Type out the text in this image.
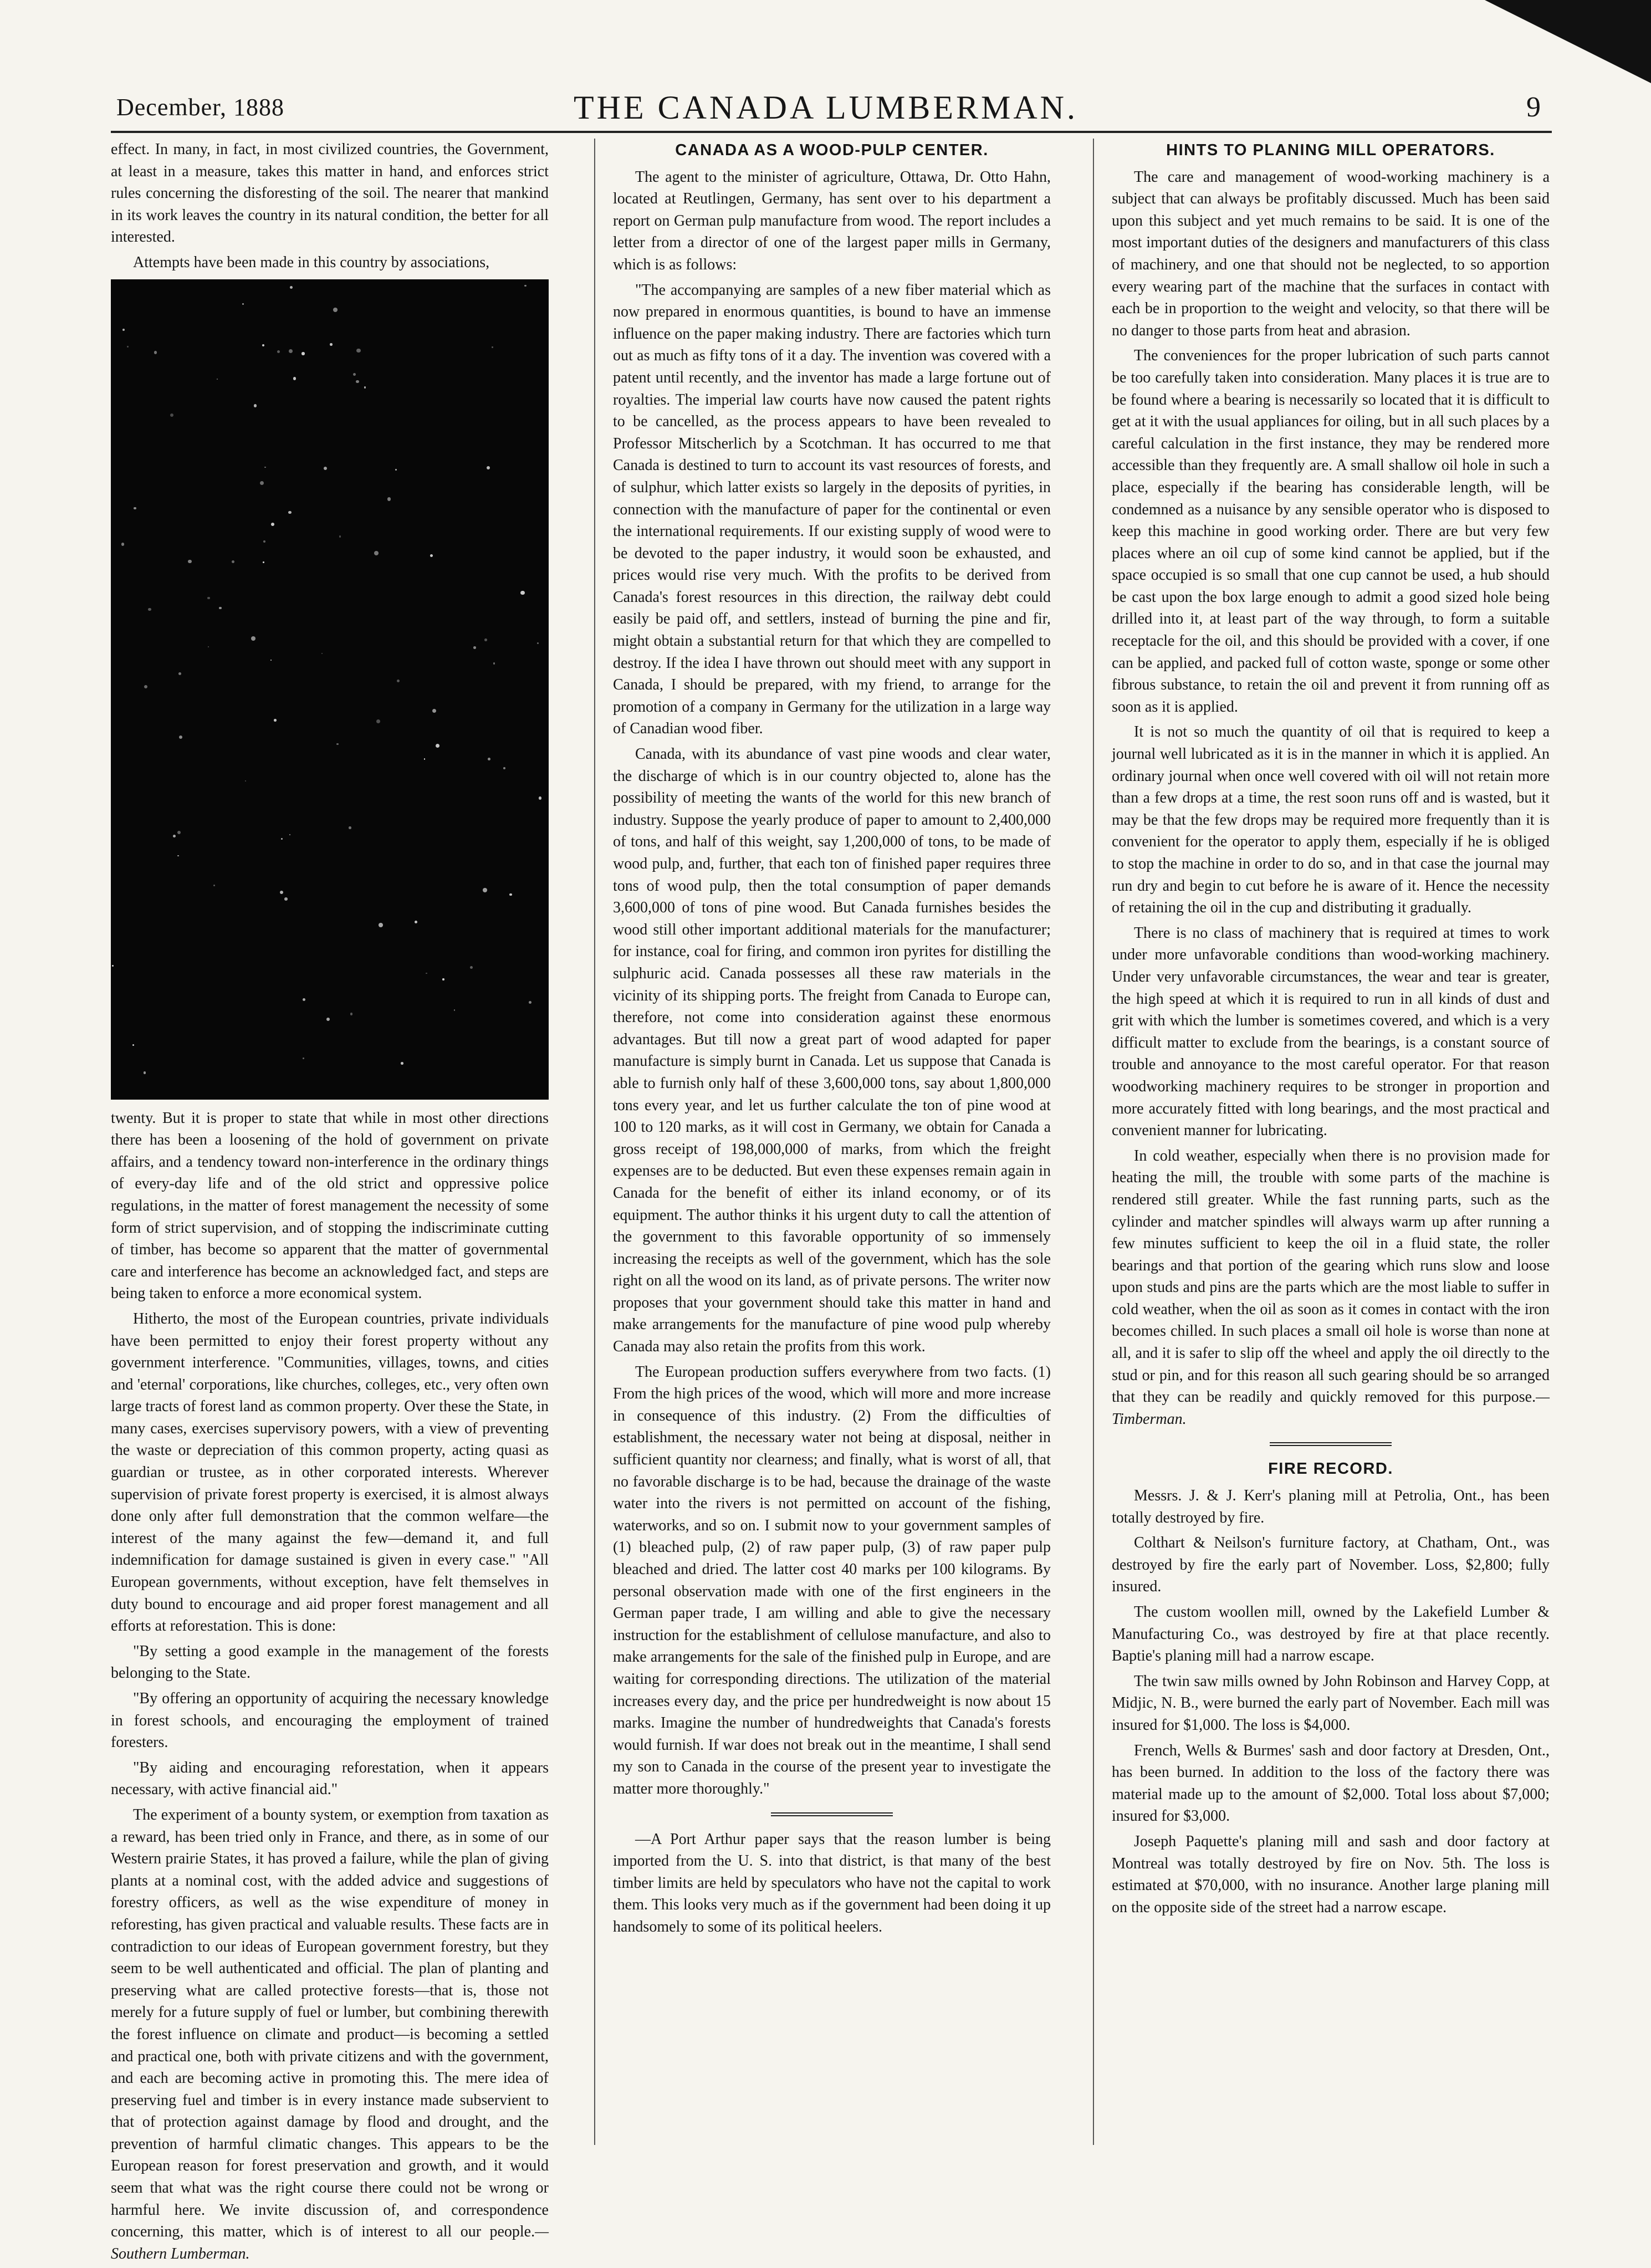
December, 1888	THE CANADA LUMBERMAN.	9

effect. In many, in fact, in most civilized countries, the Government, at least in a measure, takes this matter in hand, and enforces strict rules concerning the disforesting of the soil. The nearer that mankind in its work leaves the country in its natural condition, the better for all interested.

Attempts have been made in this country by associations,

twenty. But it is proper to state that while in most other directions there has been a loosening of the hold of government on private affairs, and a tendency toward non-interference in the ordinary things of every-day life and of the old strict and oppressive police regulations, in the matter of forest management the necessity of some form of strict supervision, and of stopping the indiscriminate cutting of timber, has become so apparent that the matter of governmental care and interference has become an acknowledged fact, and steps are being taken to enforce a more economical system.

Hitherto, the most of the European countries, private individuals have been permitted to enjoy their forest property without any government interference. "Communities, villages, towns, and cities and 'eternal' corporations, like churches, colleges, etc., very often own large tracts of forest land as common property. Over these the State, in many cases, exercises supervisory powers, with a view of preventing the waste or depreciation of this common property, acting quasi as guardian or trustee, as in other corporated interests. Wherever supervision of private forest property is exercised, it is almost always done only after full demonstration that the common welfare—the interest of the many against the few—demand it, and full indemnification for damage sustained is given in every case." "All European governments, without exception, have felt themselves in duty bound to encourage and aid proper forest management and all efforts at reforestation. This is done:

"By setting a good example in the management of the forests belonging to the State.

"By offering an opportunity of acquiring the necessary knowledge in forest schools, and encouraging the employment of trained foresters.

"By aiding and encouraging reforestation, when it appears necessary, with active financial aid."

The experiment of a bounty system, or exemption from taxation as a reward, has been tried only in France, and there, as in some of our Western prairie States, it has proved a failure, while the plan of giving plants at a nominal cost, with the added advice and suggestions of forestry officers, as well as the wise expenditure of money in reforesting, has given practical and valuable results. These facts are in contradiction to our ideas of European government forestry, but they seem to be well authenticated and official. The plan of planting and preserving what are called protective forests—that is, those not merely for a future supply of fuel or lumber, but combining therewith the forest influence on climate and product—is becoming a settled and practical one, both with private citizens and with the government, and each are becoming active in promoting this. The mere idea of preserving fuel and timber is in every instance made subservient to that of protection against damage by flood and drought, and the prevention of harmful climatic changes. This appears to be the European reason for forest preservation and growth, and it would seem that what was the right course there could not be wrong or harmful here. We invite discussion of, and correspondence concerning, this matter, which is of interest to all our people.—Southern Lumberman.

CANADA AS A WOOD-PULP CENTER.

The agent to the minister of agriculture, Ottawa, Dr. Otto Hahn, located at Reutlingen, Germany, has sent over to his department a report on German pulp manufacture from wood. The report includes a letter from a director of one of the largest paper mills in Germany, which is as follows:

"The accompanying are samples of a new fiber material which as now prepared in enormous quantities, is bound to have an immense influence on the paper making industry. There are factories which turn out as much as fifty tons of it a day. The invention was covered with a patent until recently, and the inventor has made a large fortune out of royalties. The imperial law courts have now caused the patent rights to be cancelled, as the process appears to have been revealed to Professor Mitscherlich by a Scotchman. It has occurred to me that Canada is destined to turn to account its vast resources of forests, and of sulphur, which latter exists so largely in the deposits of pyrities, in connection with the manufacture of paper for the continental or even the international requirements. If our existing supply of wood were to be devoted to the paper industry, it would soon be exhausted, and prices would rise very much. With the profits to be derived from Canada's forest resources in this direction, the railway debt could easily be paid off, and settlers, instead of burning the pine and fir, might obtain a substantial return for that which they are compelled to destroy. If the idea I have thrown out should meet with any support in Canada, I should be prepared, with my friend, to arrange for the promotion of a company in Germany for the utilization in a large way of Canadian wood fiber.

Canada, with its abundance of vast pine woods and clear water, the discharge of which is in our country objected to, alone has the possibility of meeting the wants of the world for this new branch of industry. Suppose the yearly produce of paper to amount to 2,400,000 of tons, and half of this weight, say 1,200,000 of tons, to be made of wood pulp, and, further, that each ton of finished paper requires three tons of wood pulp, then the total consumption of paper demands 3,600,000 of tons of pine wood. But Canada furnishes besides the wood still other important additional materials for the manufacturer; for instance, coal for firing, and common iron pyrites for distilling the sulphuric acid. Canada possesses all these raw materials in the vicinity of its shipping ports. The freight from Canada to Europe can, therefore, not come into consideration against these enormous advantages. But till now a great part of wood adapted for paper manufacture is simply burnt in Canada. Let us suppose that Canada is able to furnish only half of these 3,600,000 tons, say about 1,800,000 tons every year, and let us further calculate the ton of pine wood at 100 to 120 marks, as it will cost in Germany, we obtain for Canada a gross receipt of 198,000,000 of marks, from which the freight expenses are to be deducted. But even these expenses remain again in Canada for the benefit of either its inland economy, or of its equipment. The author thinks it his urgent duty to call the attention of the government to this favorable opportunity of so immensely increasing the receipts as well of the government, which has the sole right on all the wood on its land, as of private persons. The writer now proposes that your government should take this matter in hand and make arrangements for the manufacture of pine wood pulp whereby Canada may also retain the profits from this work.

The European production suffers everywhere from two facts. (1) From the high prices of the wood, which will more and more increase in consequence of this industry. (2) From the difficulties of establishment, the necessary water not being at disposal, neither in sufficient quantity nor clearness; and finally, what is worst of all, that no favorable discharge is to be had, because the drainage of the waste water into the rivers is not permitted on account of the fishing, waterworks, and so on. I submit now to your government samples of (1) bleached pulp, (2) of raw paper pulp, (3) of raw paper pulp bleached and dried. The latter cost 40 marks per 100 kilograms. By personal observation made with one of the first engineers in the German paper trade, I am willing and able to give the necessary instruction for the establishment of cellulose manufacture, and also to make arrangements for the sale of the finished pulp in Europe, and are waiting for corresponding directions. The utilization of the material increases every day, and the price per hundredweight is now about 15 marks. Imagine the number of hundredweights that Canada's forests would furnish. If war does not break out in the meantime, I shall send my son to Canada in the course of the present year to investigate the matter more thoroughly."

—A Port Arthur paper says that the reason lumber is being imported from the U. S. into that district, is that many of the best timber limits are held by speculators who have not the capital to work them. This looks very much as if the government had been doing it up handsomely to some of its political heelers.

HINTS TO PLANING MILL OPERATORS.

The care and management of wood-working machinery is a subject that can always be profitably discussed. Much has been said upon this subject and yet much remains to be said. It is one of the most important duties of the designers and manufacturers of this class of machinery, and one that should not be neglected, to so apportion every wearing part of the machine that the surfaces in contact with each be in proportion to the weight and velocity, so that there will be no danger to those parts from heat and abrasion.

The conveniences for the proper lubrication of such parts cannot be too carefully taken into consideration. Many places it is true are to be found where a bearing is necessarily so located that it is difficult to get at it with the usual appliances for oiling, but in all such places by a careful calculation in the first instance, they may be rendered more accessible than they frequently are. A small shallow oil hole in such a place, especially if the bearing has considerable length, will be condemned as a nuisance by any sensible operator who is disposed to keep this machine in good working order. There are but very few places where an oil cup of some kind cannot be applied, but if the space occupied is so small that one cup cannot be used, a hub should be cast upon the box large enough to admit a good sized hole being drilled into it, at least part of the way through, to form a suitable receptacle for the oil, and this should be provided with a cover, if one can be applied, and packed full of cotton waste, sponge or some other fibrous substance, to retain the oil and prevent it from running off as soon as it is applied.

It is not so much the quantity of oil that is required to keep a journal well lubricated as it is in the manner in which it is applied. An ordinary journal when once well covered with oil will not retain more than a few drops at a time, the rest soon runs off and is wasted, but it may be that the few drops may be required more frequently than it is convenient for the operator to apply them, especially if he is obliged to stop the machine in order to do so, and in that case the journal may run dry and begin to cut before he is aware of it. Hence the necessity of retaining the oil in the cup and distributing it gradually.

There is no class of machinery that is required at times to work under more unfavorable conditions than wood-working machinery. Under very unfavorable circumstances, the wear and tear is greater, the high speed at which it is required to run in all kinds of dust and grit with which the lumber is sometimes covered, and which is a very difficult matter to exclude from the bearings, is a constant source of trouble and annoyance to the most careful operator. For that reason woodworking machinery requires to be stronger in proportion and more accurately fitted with long bearings, and the most practical and convenient manner for lubricating.

In cold weather, especially when there is no provision made for heating the mill, the trouble with some parts of the machine is rendered still greater. While the fast running parts, such as the cylinder and matcher spindles will always warm up after running a few minutes sufficient to keep the oil in a fluid state, the roller bearings and that portion of the gearing which runs slow and loose upon studs and pins are the parts which are the most liable to suffer in cold weather, when the oil as soon as it comes in contact with the iron becomes chilled. In such places a small oil hole is worse than none at all, and it is safer to slip off the wheel and apply the oil directly to the stud or pin, and for this reason all such gearing should be so arranged that they can be readily and quickly removed for this purpose.—Timberman.

FIRE RECORD.

Messrs. J. & J. Kerr's planing mill at Petrolia, Ont., has been totally destroyed by fire.

Colthart & Neilson's furniture factory, at Chatham, Ont., was destroyed by fire the early part of November. Loss, $2,800; fully insured.

The custom woollen mill, owned by the Lakefield Lumber & Manufacturing Co., was destroyed by fire at that place recently. Baptie's planing mill had a narrow escape.

The twin saw mills owned by John Robinson and Harvey Copp, at Midjic, N. B., were burned the early part of November. Each mill was insured for $1,000. The loss is $4,000.

French, Wells & Burmes' sash and door factory at Dresden, Ont., has been burned. In addition to the loss of the factory there was material made up to the amount of $2,000. Total loss about $7,000; insured for $3,000.

Joseph Paquette's planing mill and sash and door factory at Montreal was totally destroyed by fire on Nov. 5th. The loss is estimated at $70,000, with no insurance. Another large planing mill on the opposite side of the street had a narrow escape.
